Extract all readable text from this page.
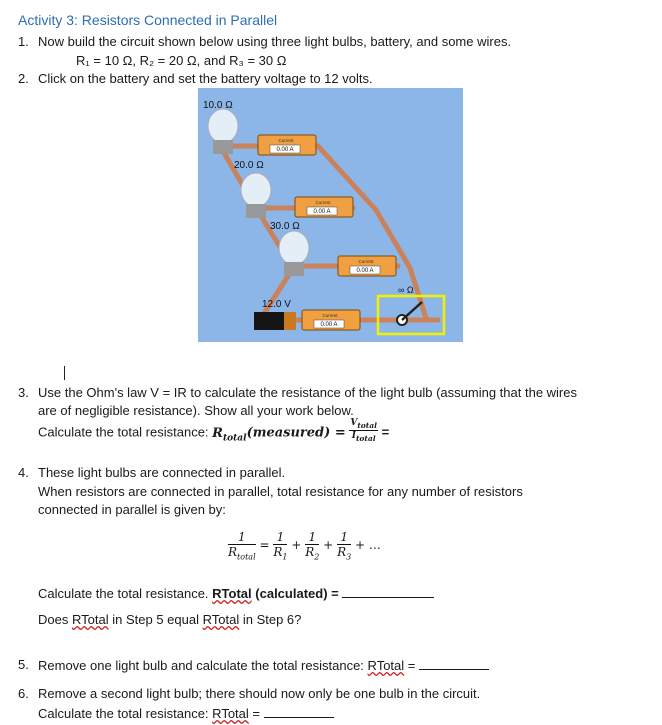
Activity 3: Resistors Connected in Parallel
1. Now build the circuit shown below using three light bulbs, battery, and some wires.
R₁ = 10 Ω, R₂ = 20 Ω, and R₃ = 30 Ω
2. Click on the battery and set the battery voltage to 12 volts.
Current
0.00 A
Current
0.00 A
Current
0.00 A
Current
0.00 A
10.0 Ω
20.0 Ω
30.0 Ω
12.0 V
∞ Ω
3. Use the Ohm's law V = IR to calculate the resistance of the light bulb (assuming that the wires
are of negligible resistance). Show all your work below.
Calculate the total resistance: $R_{total}(measured) = \frac{V_{total}}{I_{total}}$ =
4. These light bulbs are connected in parallel.
When resistors are connected in parallel, total resistance for any number of resistors
connected in parallel is given by:
$\frac{1}{R_{total}} = \frac{1}{R_1} + \frac{1}{R_2} + \frac{1}{R_3}$ + …
Calculate the total resistance. RTotal (calculated) =
Does RTotal in Step 5 equal RTotal in Step 6?
5. Remove one light bulb and calculate the total resistance: RTotal =
6. Remove a second light bulb; there should now only be one bulb in the circuit.
Calculate the total resistance: RTotal =
